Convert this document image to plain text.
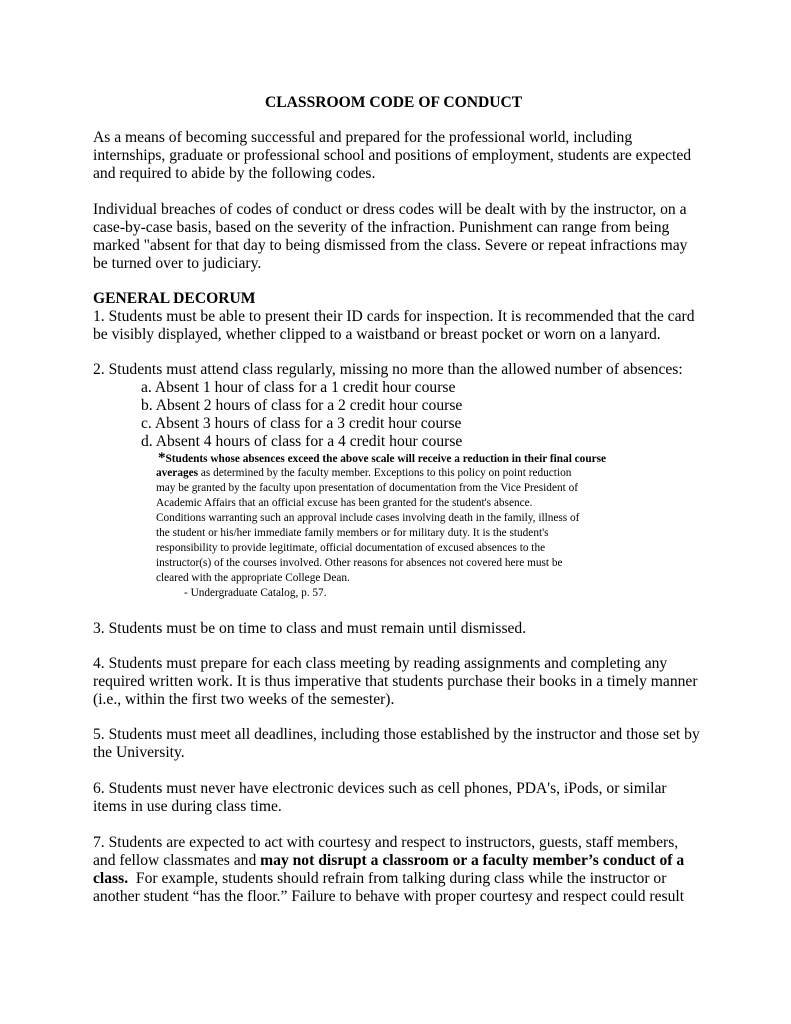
CLASSROOM CODE OF CONDUCT
As a means of becoming successful and prepared for the professional world, including
internships, graduate or professional school and positions of employment, students are expected
and required to abide by the following codes.
Individual breaches of codes of conduct or dress codes will be dealt with by the instructor, on a
case-by-case basis, based on the severity of the infraction. Punishment can range from being
marked "absent for that day to being dismissed from the class. Severe or repeat infractions may
be turned over to judiciary.
GENERAL DECORUM
1. Students must be able to present their ID cards for inspection. It is recommended that the card
be visibly displayed, whether clipped to a waistband or breast pocket or worn on a lanyard.
2. Students must attend class regularly, missing no more than the allowed number of absences:
a. Absent 1 hour of class for a 1 credit hour course
b. Absent 2 hours of class for a 2 credit hour course
c. Absent 3 hours of class for a 3 credit hour course
d. Absent 4 hours of class for a 4 credit hour course
*Students whose absences exceed the above scale will receive a reduction in their final course
averages as determined by the faculty member. Exceptions to this policy on point reduction
may be granted by the faculty upon presentation of documentation from the Vice President of
Academic Affairs that an official excuse has been granted for the student's absence.
Conditions warranting such an approval include cases involving death in the family, illness of
the student or his/her immediate family members or for military duty. It is the student's
responsibility to provide legitimate, official documentation of excused absences to the
instructor(s) of the courses involved. Other reasons for absences not covered here must be
cleared with the appropriate College Dean.
- Undergraduate Catalog, p. 57.
3. Students must be on time to class and must remain until dismissed.
4. Students must prepare for each class meeting by reading assignments and completing any
required written work. It is thus imperative that students purchase their books in a timely manner
(i.e., within the first two weeks of the semester).
5. Students must meet all deadlines, including those established by the instructor and those set by
the University.
6. Students must never have electronic devices such as cell phones, PDA's, iPods, or similar
items in use during class time.
7. Students are expected to act with courtesy and respect to instructors, guests, staff members,
and fellow classmates and may not disrupt a classroom or a faculty member’s conduct of a
class.  For example, students should refrain from talking during class while the instructor or
another student “has the floor.” Failure to behave with proper courtesy and respect could result
